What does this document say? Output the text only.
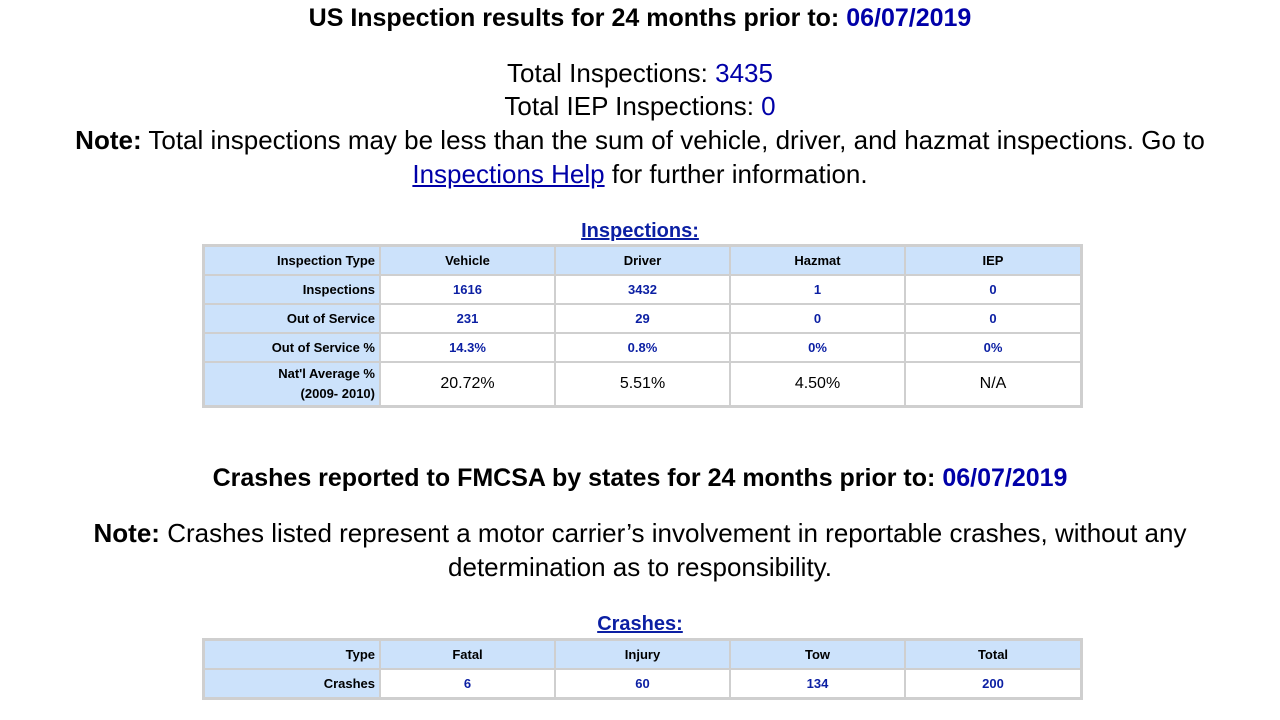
US Inspection results for 24 months prior to: 06/07/2019
Total Inspections: 3435
Total IEP Inspections: 0
Note: Total inspections may be less than the sum of vehicle, driver, and hazmat inspections. Go to Inspections Help for further information.
Inspections:
Inspection Type	Vehicle	Driver	Hazmat	IEP
Inspections	1616	3432	1	0
Out of Service	231	29	0	0
Out of Service %	14.3%	0.8%	0%	0%

Nat'l Average %
(2009- 2010)	20.72%	5.51%	4.50%	N/A
Crashes reported to FMCSA by states for 24 months prior to: 06/07/2019
Note: Crashes listed represent a motor carrier’s involvement in reportable crashes, without any determination as to responsibility.
Crashes:
Type	Fatal	Injury	Tow	Total
Crashes	6	60	134	200
